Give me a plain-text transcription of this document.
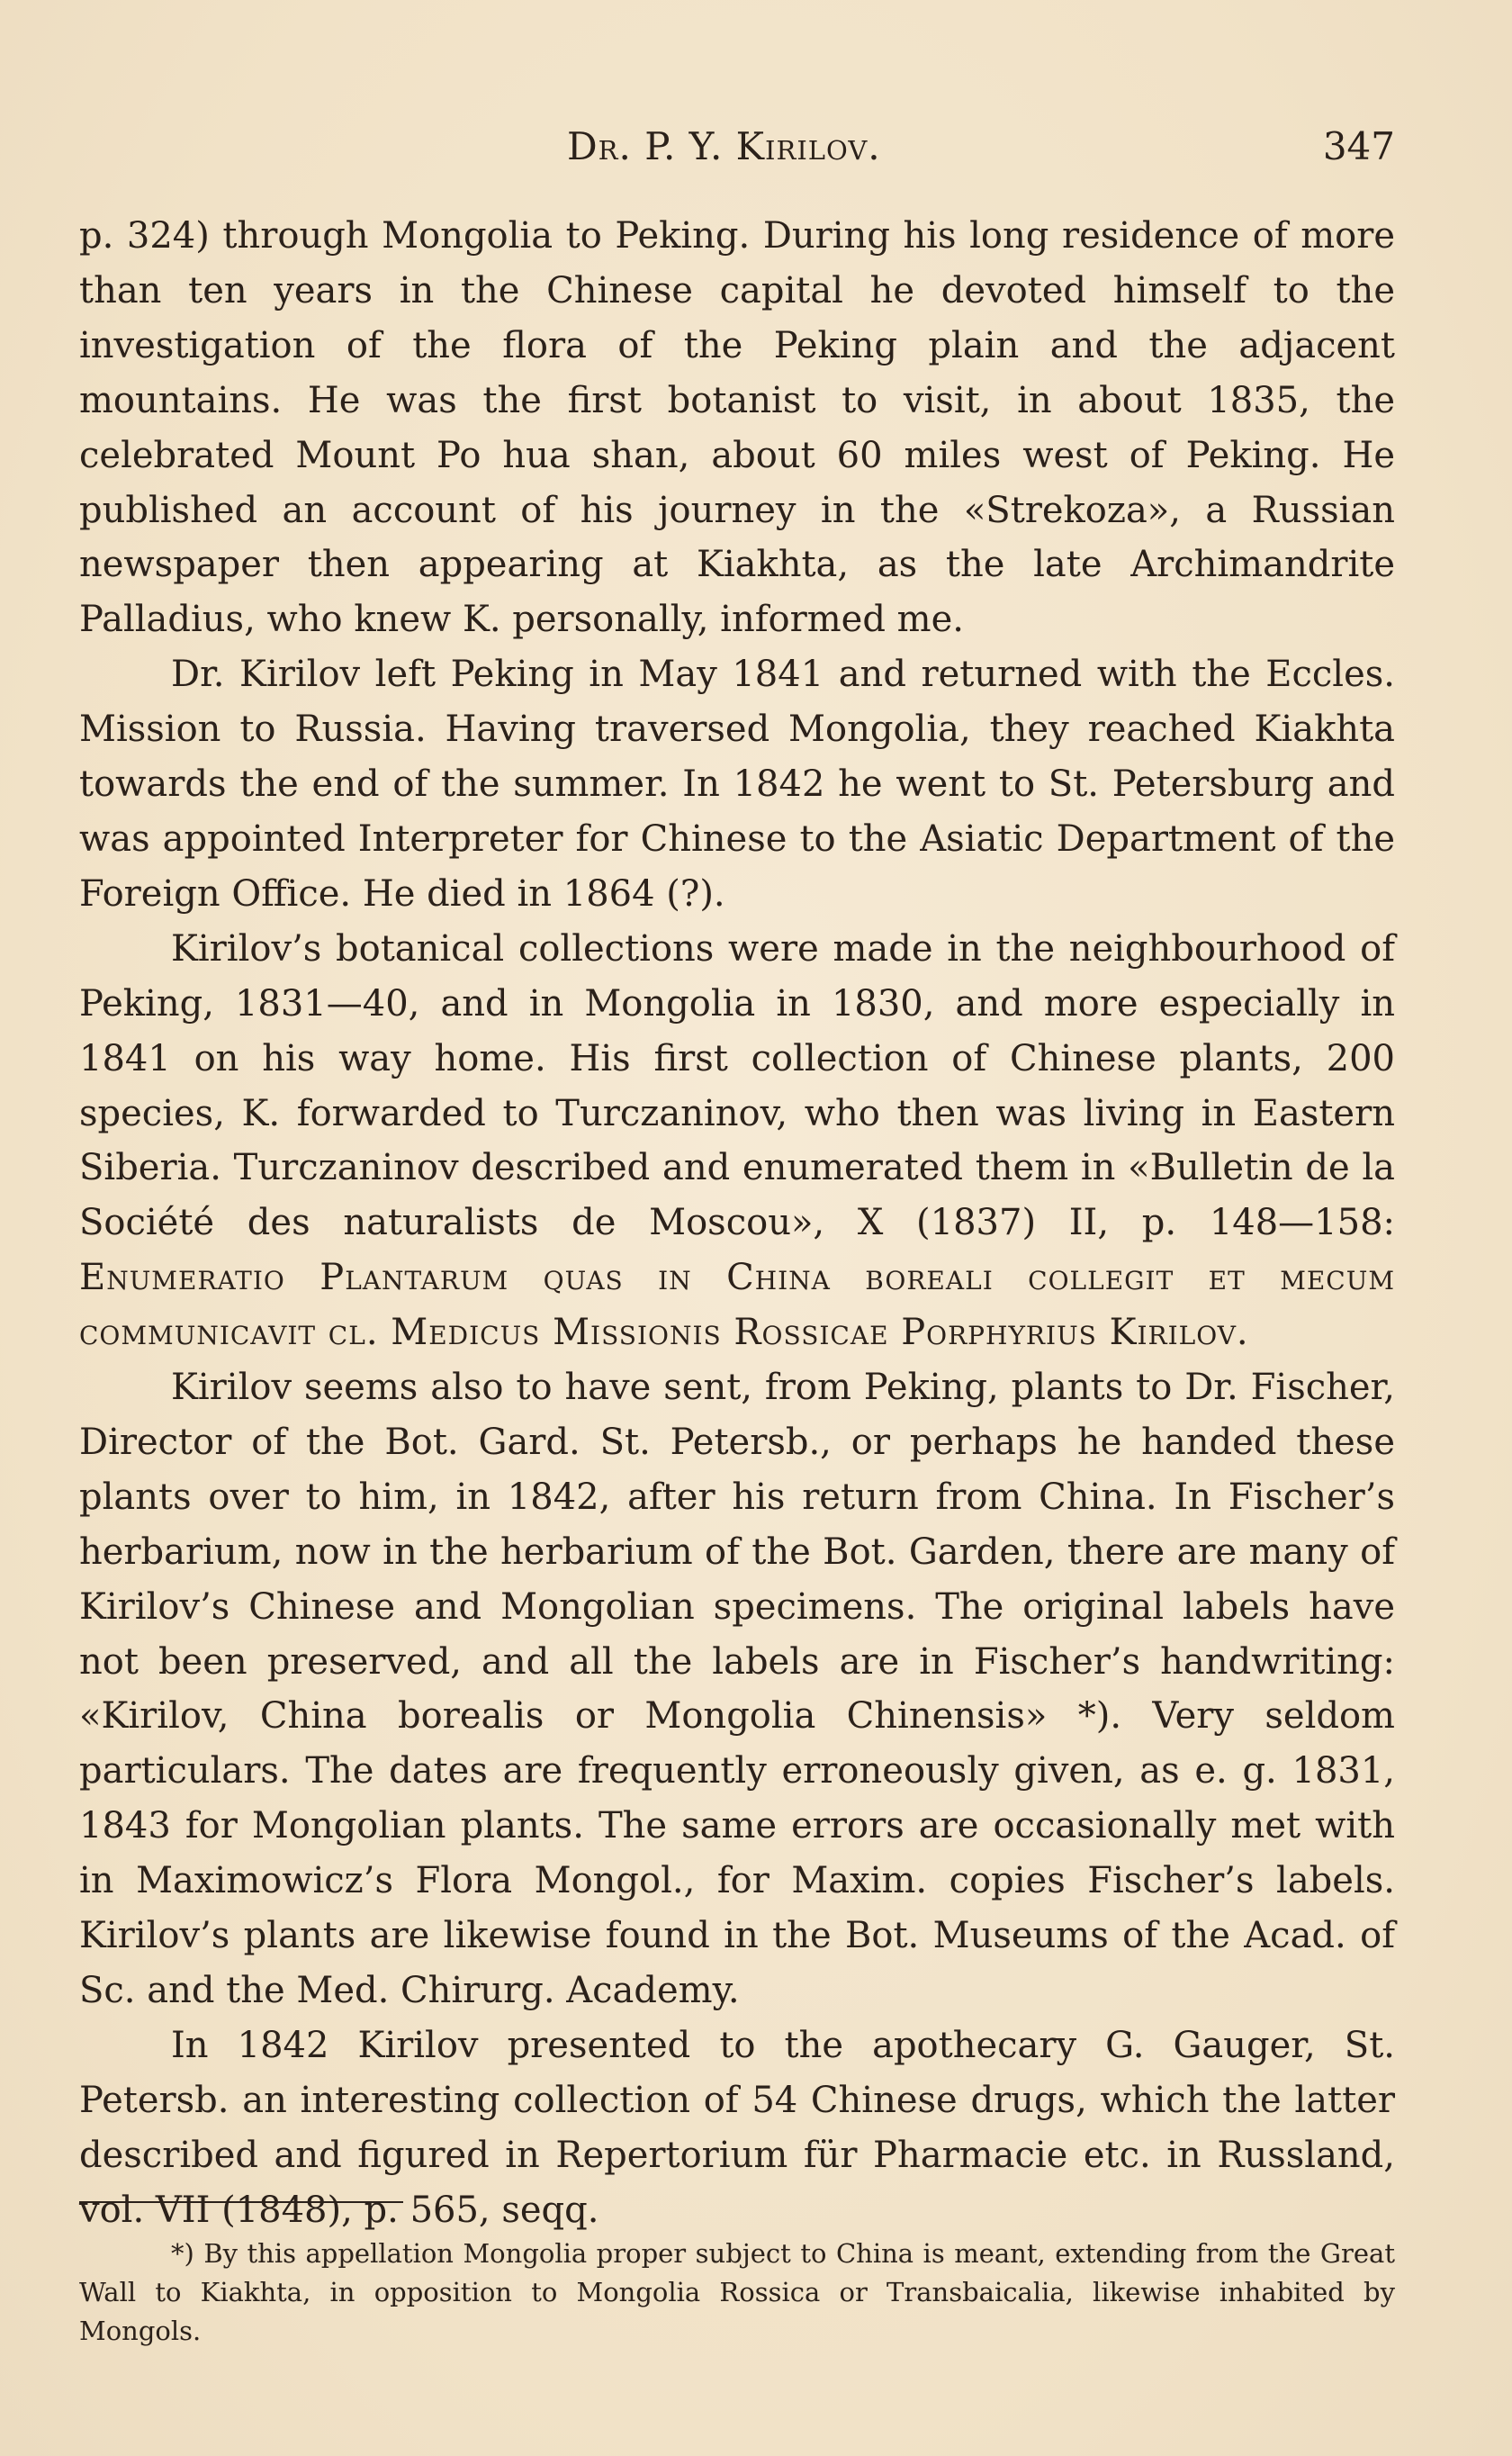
Dr. P. Y. Kirilov.	347

p. 324) through Mongolia to Peking. During his long residence of more than ten years in the Chinese capital he devoted himself to the investigation of the flora of the Peking plain and the adjacent mountains. He was the first botanist to visit, in about 1835, the celebrated Mount Po hua shan, about 60 miles west of Peking. He published an account of his journey in the «Strekoza», a Russian newspaper then appearing at Kiakhta, as the late Archimandrite Palladius, who knew K. personally, informed me.

Dr. Kirilov left Peking in May 1841 and returned with the Eccles. Mission to Russia. Having traversed Mongolia, they reached Kiakhta towards the end of the summer. In 1842 he went to St. Petersburg and was appointed Interpreter for Chinese to the Asiatic Department of the Foreign Office. He died in 1864 (?).

Kirilov’s botanical collections were made in the neighbourhood of Peking, 1831—40, and in Mongolia in 1830, and more especially in 1841 on his way home. His first collection of Chinese plants, 200 species, K. forwarded to Turczaninov, who then was living in Eastern Siberia. Turczaninov described and enumerated them in «Bulletin de la Société des naturalists de Moscou», X (1837) II, p. 148—158: Enumeratio Plantarum quas in China boreali collegit et mecum communicavit cl. Medicus Missionis Rossicae Porphyrius Kirilov.

Kirilov seems also to have sent, from Peking, plants to Dr. Fischer, Director of the Bot. Gard. St. Petersb., or perhaps he handed these plants over to him, in 1842, after his return from China. In Fischer’s herbarium, now in the herbarium of the Bot. Garden, there are many of Kirilov’s Chinese and Mongolian specimens. The original labels have not been preserved, and all the labels are in Fischer’s handwriting: «Kirilov, China borealis or Mongolia Chinensis» *). Very seldom particulars. The dates are frequently erroneously given, as e. g. 1831, 1843 for Mongolian plants. The same errors are occasionally met with in Maximowicz’s Flora Mongol., for Maxim. copies Fischer’s labels. Kirilov’s plants are likewise found in the Bot. Museums of the Acad. of Sc. and the Med. Chirurg. Academy.

In 1842 Kirilov presented to the apothecary G. Gauger, St. Petersb. an interesting collection of 54 Chinese drugs, which the latter described and figured in Repertorium für Pharmacie etc. in Russland, vol. VII (1848), p. 565, seqq.

*) By this appellation Mongolia proper subject to China is meant, extending from the Great Wall to Kiakhta, in opposition to Mongolia Rossica or Transbaicalia, likewise inhabited by Mongols.
